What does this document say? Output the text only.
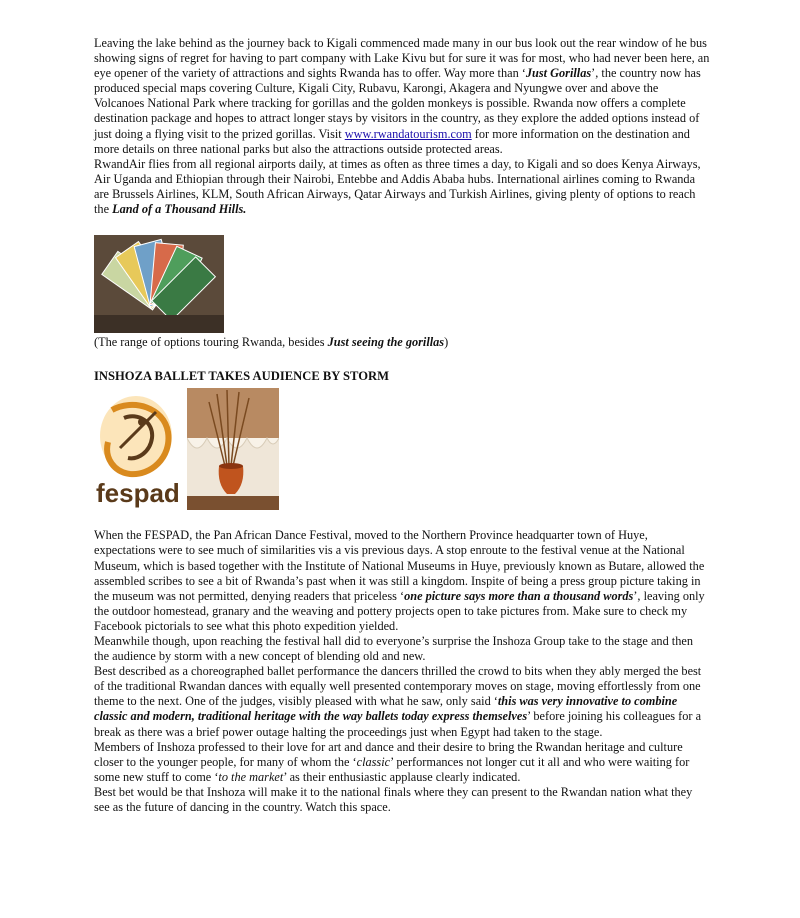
Leaving the lake behind as the journey back to Kigali commenced made many in our bus look out the rear window of he bus showing signs of regret for having to part company with Lake Kivu but for sure it was for most, who had never been here, an eye opener of the variety of attractions and sights Rwanda has to offer. Way more than ‘Just Gorillas’, the country now has produced special maps covering Culture, Kigali City, Rubavu, Karongi, Akagera and Nyungwe over and above the Volcanoes National Park where tracking for gorillas and the golden monkeys is possible. Rwanda now offers a complete destination package and hopes to attract longer stays by visitors in the country, as they explore the added options instead of just doing a flying visit to the prized gorillas. Visit www.rwandatourism.com for more information on the destination and more details on three national parks but also the attractions outside protected areas.

RwandAir flies from all regional airports daily, at times as often as three times a day, to Kigali and so does Kenya Airways, Air Uganda and Ethiopian through their Nairobi, Entebbe and Addis Ababa hubs. International airlines coming to Rwanda are Brussels Airlines, KLM, South African Airways, Qatar Airways and Turkish Airlines, giving plenty of options to reach the Land of a Thousand Hills.

(The range of options touring Rwanda, besides Just seeing the gorillas)

INSHOZA BALLET TAKES AUDIENCE BY STORM

fespad

When the FESPAD, the Pan African Dance Festival, moved to the Northern Province headquarter town of Huye, expectations were to see much of similarities vis a vis previous days. A stop enroute to the festival venue at the National Museum, which is based together with the Institute of National Museums in Huye, previously known as Butare, allowed the assembled scribes to see a bit of Rwanda’s past when it was still a kingdom. Inspite of being a press group picture taking in the museum was not permitted, denying readers that priceless ‘one picture says more than a thousand words’, leaving only the outdoor homestead, granary and the weaving and pottery projects open to take pictures from. Make sure to check my Facebook pictorials to see what this photo expedition yielded.

Meanwhile though, upon reaching the festival hall did to everyone’s surprise the Inshoza Group take to the stage and then the audience by storm with a new concept of blending old and new.

Best described as a choreographed ballet performance the dancers thrilled the crowd to bits when they ably merged the best of the traditional Rwandan dances with equally well presented contemporary moves on stage, moving effortlessly from one theme to the next. One of the judges, visibly pleased with what he saw, only said ‘this was very innovative to combine classic and modern, traditional heritage with the way ballets today express themselves’ before joining his colleagues for a break as there was a brief power outage halting the proceedings just when Egypt had taken to the stage.

Members of Inshoza professed to their love for art and dance and their desire to bring the Rwandan heritage and culture closer to the younger people, for many of whom the ‘classic’ performances not longer cut it all and who were waiting for some new stuff to come ‘to the market’ as their enthusiastic applause clearly indicated.

Best bet would be that Inshoza will make it to the national finals where they can present to the Rwandan nation what they see as the future of dancing in the country. Watch this space.
